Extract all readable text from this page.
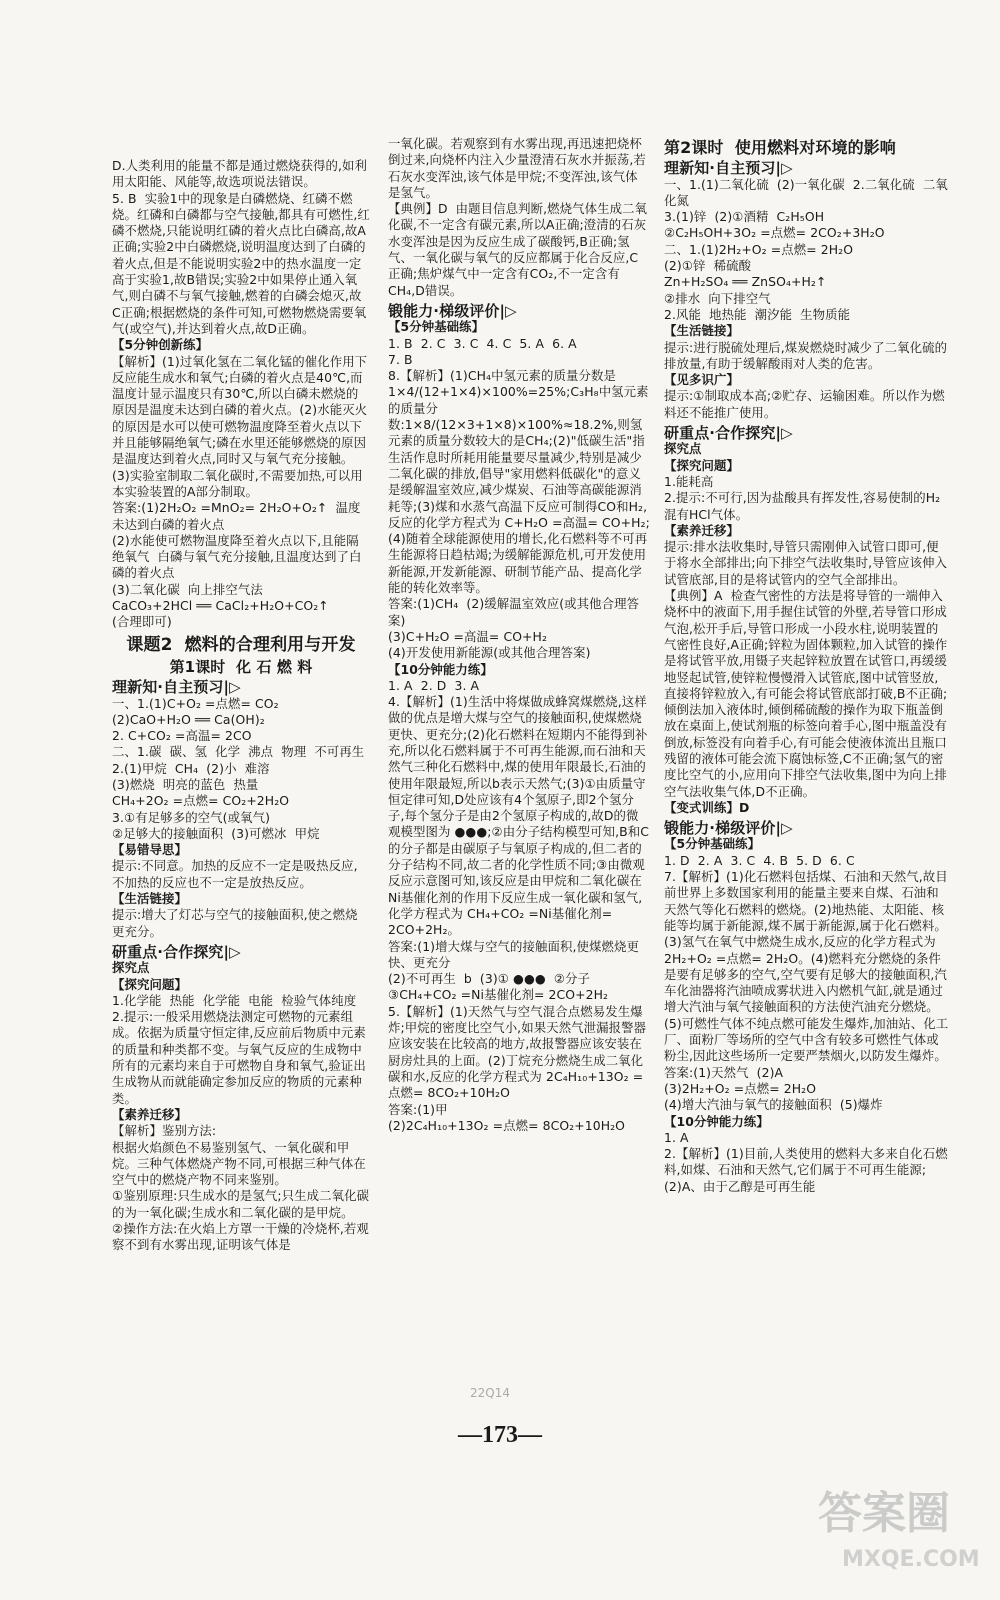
D.人类利用的能量不都是通过燃烧获得的,如利用太阳能、风能等,故选项说法错误。

5. B  实验1中的现象是白磷燃烧、红磷不燃烧。红磷和白磷都与空气接触,都具有可燃性,红磷不燃烧,只能说明红磷的着火点比白磷高,故A正确;实验2中白磷燃烧,说明温度达到了白磷的着火点,但是不能说明实验2中的热水温度一定高于实验1,故B错误;实验2中如果停止通入氧气,则白磷不与氧气接触,燃着的白磷会熄灭,故C正确;根据燃烧的条件可知,可燃物燃烧需要氧气(或空气),并达到着火点,故D正确。

【5分钟创新练】

【解析】(1)过氧化氢在二氧化锰的催化作用下反应能生成水和氧气;白磷的着火点是40℃,而温度计显示温度只有30℃,所以白磷未燃烧的原因是温度未达到白磷的着火点。(2)水能灭火的原因是水可以使可燃物温度降至着火点以下并且能够隔绝氧气;磷在水里还能够燃烧的原因是温度达到着火点,同时又与氧气充分接触。(3)实验室制取二氧化碳时,不需要加热,可以用本实验装置的A部分制取。

答案:(1)2H₂O₂ =MnO₂= 2H₂O+O₂↑  温度未达到白磷的着火点

(2)水能使可燃物温度降至着火点以下,且能隔绝氧气  白磷与氧气充分接触,且温度达到了白磷的着火点

(3)二氧化碳  向上排空气法

CaCO₃+2HCl ══ CaCl₂+H₂O+CO₂↑

(合理即可)

课题2  燃料的合理利用与开发

第1课时  化 石 燃 料

理新知·自主预习|▷

一、1.(1)C+O₂ =点燃= CO₂

(2)CaO+H₂O ══ Ca(OH)₂

2. C+CO₂ =高温= 2CO

二、1.碳  碳、氢  化学  沸点  物理  不可再生

2.(1)甲烷  CH₄  (2)小  难溶

(3)燃烧  明亮的蓝色  热量

CH₄+2O₂ =点燃= CO₂+2H₂O

3.①有足够多的空气(或氧气)

②足够大的接触面积  (3)可燃冰  甲烷

【易错导思】

提示:不同意。加热的反应不一定是吸热反应,不加热的反应也不一定是放热反应。

【生活链接】

提示:增大了灯芯与空气的接触面积,使之燃烧更充分。

研重点·合作探究|▷

探究点

【探究问题】

1.化学能  热能  化学能  电能  检验气体纯度

2.提示:一般采用燃烧法测定可燃物的元素组成。依据为质量守恒定律,反应前后物质中元素的质量和种类都不变。与氧气反应的生成物中所有的元素均来自于可燃物自身和氧气,验证出生成物从而就能确定参加反应的物质的元素种类。

【素养迁移】

【解析】鉴别方法:

根据火焰颜色不易鉴别氢气、一氧化碳和甲烷。三种气体燃烧产物不同,可根据三种气体在空气中的燃烧产物不同来鉴别。

①鉴别原理:只生成水的是氢气;只生成二氧化碳的为一氧化碳;生成水和二氧化碳的是甲烷。

②操作方法:在火焰上方罩一干燥的冷烧杯,若观察不到有水雾出现,证明该气体是

一氧化碳。若观察到有水雾出现,再迅速把烧杯倒过来,向烧杯内注入少量澄清石灰水并振荡,若石灰水变浑浊,该气体是甲烷;不变浑浊,该气体是氢气。

【典例】D  由题目信息判断,燃烧气体生成二氧化碳,不一定含有碳元素,所以A正确;澄清的石灰水变浑浊是因为反应生成了碳酸钙,B正确;氢气、一氧化碳与氧气的反应都属于化合反应,C正确;焦炉煤气中一定含有CO₂,不一定含有CH₄,D错误。

锻能力·梯级评价|▷

【5分钟基础练】

1. B  2. C  3. C  4. C  5. A  6. A

7. B

8.【解析】(1)CH₄中氢元素的质量分数是 1×4/(12+1×4)×100%=25%;C₃H₈中氢元素的质量分数:1×8/(12×3+1×8)×100%≈18.2%,则氢元素的质量分数较大的是CH₄;(2)"低碳生活"指生活作息时所耗用能量要尽量减少,特别是减少二氧化碳的排放,倡导"家用燃料低碳化"的意义是缓解温室效应,减少煤炭、石油等高碳能源消耗等;(3)煤和水蒸气高温下反应可制得CO和H₂,反应的化学方程式为 C+H₂O =高温= CO+H₂;(4)随着全球能源使用的增长,化石燃料等不可再生能源将日趋枯竭;为缓解能源危机,可开发使用新能源,开发新能源、研制节能产品、提高化学能的转化效率等。

答案:(1)CH₄  (2)缓解温室效应(或其他合理答案)

(3)C+H₂O =高温= CO+H₂

(4)开发使用新能源(或其他合理答案)

【10分钟能力练】

1. A  2. D  3. A

4.【解析】(1)生活中将煤做成蜂窝煤燃烧,这样做的优点是增大煤与空气的接触面积,使煤燃烧更快、更充分;(2)化石燃料在短期内不能得到补充,所以化石燃料属于不可再生能源,而石油和天然气三种化石燃料中,煤的使用年限最长,石油的使用年限最短,所以b表示天然气;(3)①由质量守恒定律可知,D处应该有4个氢原子,即2个氢分子,每个氢分子是由2个氢原子构成的,故D的微观模型图为 ●●●;②由分子结构模型可知,B和C的分子都是由碳原子与氧原子构成的,但二者的分子结构不同,故二者的化学性质不同;③由微观反应示意图可知,该反应是由甲烷和二氧化碳在Ni基催化剂的作用下反应生成一氧化碳和氢气,化学方程式为 CH₄+CO₂ =Ni基催化剂= 2CO+2H₂。

答案:(1)增大煤与空气的接触面积,使煤燃烧更快、更充分

(2)不可再生  b  (3)① ●●●  ②分子

③CH₄+CO₂ =Ni基催化剂= 2CO+2H₂

5.【解析】(1)天然气与空气混合点燃易发生爆炸;甲烷的密度比空气小,如果天然气泄漏报警器应该安装在比较高的地方,故报警器应该安装在厨房灶具的上面。(2)丁烷充分燃烧生成二氧化碳和水,反应的化学方程式为 2C₄H₁₀+13O₂ =点燃= 8CO₂+10H₂O

答案:(1)甲

(2)2C₄H₁₀+13O₂ =点燃= 8CO₂+10H₂O

第2课时  使用燃料对环境的影响

理新知·自主预习|▷

一、1.(1)二氧化硫  (2)一氧化碳  2.二氧化硫  二氧化氮

3.(1)锌  (2)①酒精  C₂H₅OH

②C₂H₅OH+3O₂ =点燃= 2CO₂+3H₂O

二、1.(1)2H₂+O₂ =点燃= 2H₂O

(2)①锌  稀硫酸

Zn+H₂SO₄ ══ ZnSO₄+H₂↑

②排水  向下排空气

2.风能  地热能  潮汐能  生物质能

【生活链接】

提示:进行脱硫处理后,煤炭燃烧时减少了二氧化硫的排放量,有助于缓解酸雨对人类的危害。

【见多识广】

提示:①制取成本高;②贮存、运输困难。所以作为燃料还不能推广使用。

研重点·合作探究|▷

探究点

【探究问题】

1.能耗高

2.提示:不可行,因为盐酸具有挥发性,容易使制的H₂混有HCl气体。

【素养迁移】

提示:排水法收集时,导管只需刚伸入试管口即可,便于将水全部排出;向下排空气法收集时,导管应该伸入试管底部,目的是将试管内的空气全部排出。

【典例】A  检查气密性的方法是将导管的一端伸入烧杯中的液面下,用手握住试管的外壁,若导管口形成气泡,松开手后,导管口形成一小段水柱,说明装置的气密性良好,A正确;锌粒为固体颗粒,加入试管的操作是将试管平放,用镊子夹起锌粒放置在试管口,再缓缓地竖起试管,使锌粒慢慢滑入试管底,图中试管竖放,直接将锌粒放入,有可能会将试管底部打破,B不正确;倾倒法加入液体时,倾倒稀硫酸的操作为取下瓶盖倒放在桌面上,使试剂瓶的标签向着手心,图中瓶盖没有倒放,标签没有向着手心,有可能会使液体流出且瓶口残留的液体可能会流下腐蚀标签,C不正确;氢气的密度比空气的小,应用向下排空气法收集,图中为向上排空气法收集气体,D不正确。

【变式训练】D

锻能力·梯级评价|▷

【5分钟基础练】

1. D  2. A  3. C  4. B  5. D  6. C

7.【解析】(1)化石燃料包括煤、石油和天然气,故目前世界上多数国家利用的能量主要来自煤、石油和天然气等化石燃料的燃烧。(2)地热能、太阳能、核能等均属于新能源,煤不属于新能源,属于化石燃料。(3)氢气在氧气中燃烧生成水,反应的化学方程式为 2H₂+O₂ =点燃= 2H₂O。(4)燃料充分燃烧的条件是要有足够多的空气,空气要有足够大的接触面积,汽车化油器将汽油喷成雾状进入内燃机气缸,就是通过增大汽油与氧气接触面积的方法使汽油充分燃烧。(5)可燃性气体不纯点燃可能发生爆炸,加油站、化工厂、面粉厂等场所的空气中含有较多可燃性气体或粉尘,因此这些场所一定要严禁烟火,以防发生爆炸。

答案:(1)天然气  (2)A

(3)2H₂+O₂ =点燃= 2H₂O

(4)增大汽油与氧气的接触面积  (5)爆炸

【10分钟能力练】

1. A

2.【解析】(1)目前,人类使用的燃料大多来自化石燃料,如煤、石油和天然气,它们属于不可再生能源;(2)A、由于乙醇是可再生能

22Q14
—173—
答案圈
MXQE.COM
